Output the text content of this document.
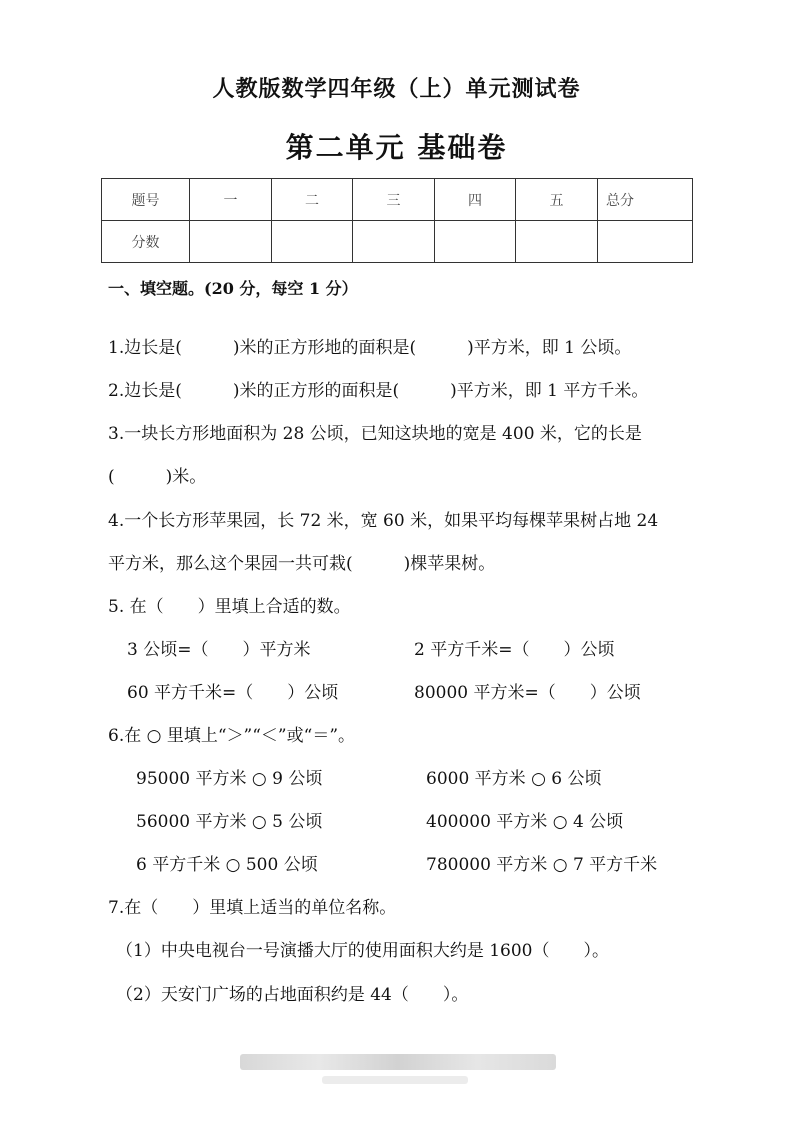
人教版数学四年级（上）单元测试卷
第二单元 基础卷
题号	一	二	三	四	五	总分
分数						
一、填空题。(20 分，每空 1 分）
1.边长是(　　　)米的正方形地的面积是(　　　)平方米，即 1 公顷。
2.边长是(　　　)米的正方形的面积是(　　　)平方米，即 1 平方千米。
3.一块长方形地面积为 28 公顷，已知这块地的宽是 400 米，它的长是
(　　　)米。
4.一个长方形苹果园，长 72 米，宽 60 米，如果平均每棵苹果树占地 24
平方米，那么这个果园一共可栽(　　　)棵苹果树。
5. 在（　　）里填上合适的数。
3 公顷=（　　）平方米	2 平方千米=（　　）公顷
60 平方千米=（　　）公顷	80000 平方米=（　　）公顷
6.在 ○ 里填上“＞”“＜”或“＝”。
95000 平方米 ○ 9 公顷	6000 平方米 ○ 6 公顷
56000 平方米 ○ 5 公顷	400000 平方米 ○ 4 公顷
6 平方千米 ○ 500 公顷	780000 平方米 ○ 7 平方千米
7.在（　　）里填上适当的单位名称。
（1）中央电视台一号演播大厅的使用面积大约是 1600（　　）。
（2）天安门广场的占地面积约是 44（　　）。
